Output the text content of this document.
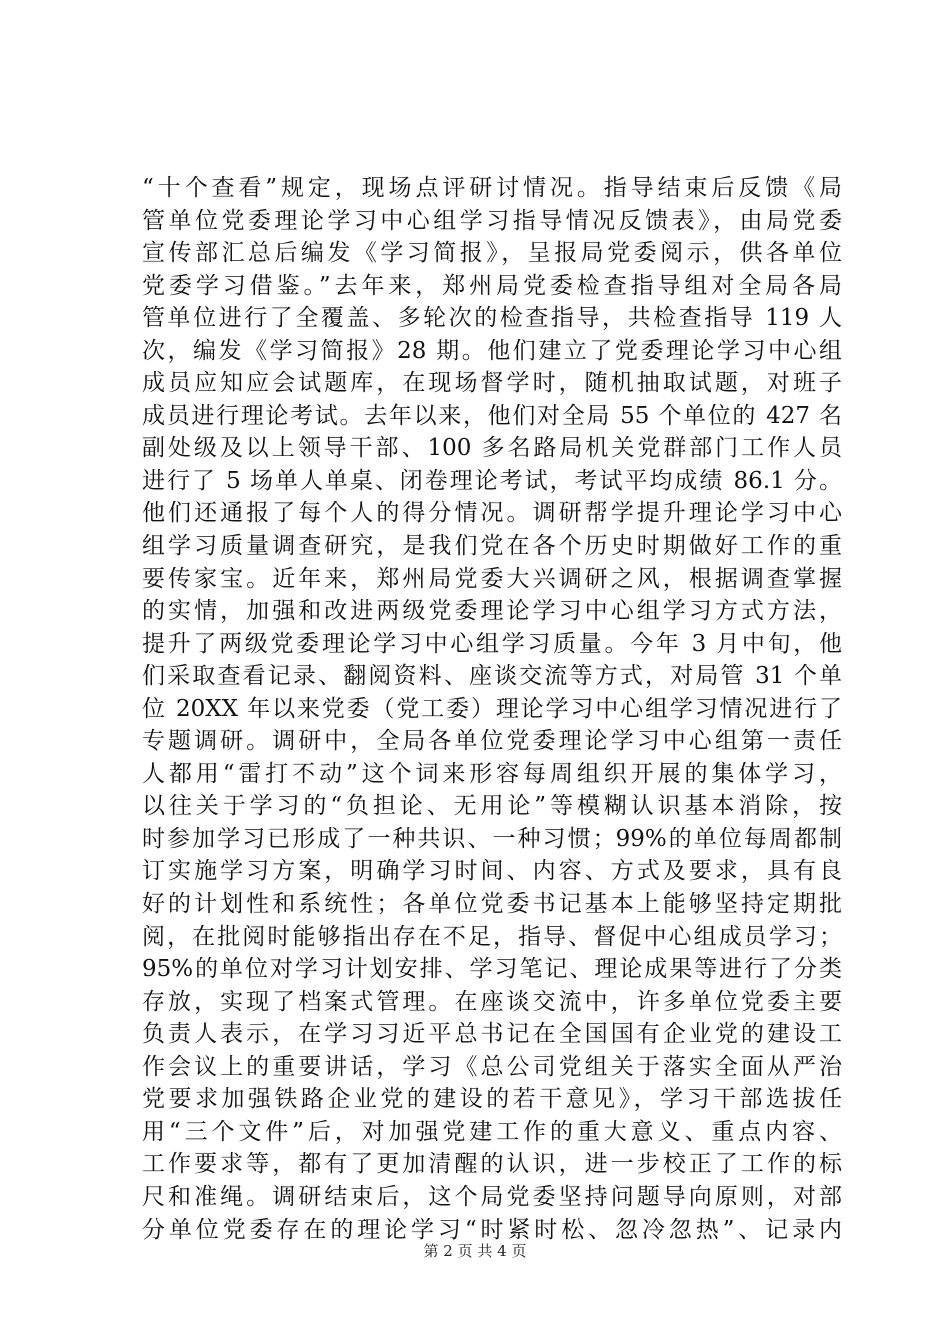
“十个查看”规定，现场点评研讨情况。指导结束后反馈《局
管单位党委理论学习中心组学习指导情况反馈表》，由局党委
宣传部汇总后编发《学习简报》，呈报局党委阅示，供各单位
党委学习借鉴。”去年来，郑州局党委检查指导组对全局各局
管单位进行了全覆盖、多轮次的检查指导，共检查指导 119 人
次，编发《学习简报》28 期。他们建立了党委理论学习中心组
成员应知应会试题库，在现场督学时，随机抽取试题，对班子
成员进行理论考试。去年以来，他们对全局 55 个单位的 427 名
副处级及以上领导干部、100 多名路局机关党群部门工作人员
进行了 5 场单人单桌、闭卷理论考试，考试平均成绩 86.1 分。
他们还通报了每个人的得分情况。调研帮学提升理论学习中心
组学习质量调查研究，是我们党在各个历史时期做好工作的重
要传家宝。近年来，郑州局党委大兴调研之风，根据调查掌握
的实情，加强和改进两级党委理论学习中心组学习方式方法，
提升了两级党委理论学习中心组学习质量。今年 3 月中旬，他
们采取查看记录、翻阅资料、座谈交流等方式，对局管 31 个单
位 20XX 年以来党委（党工委）理论学习中心组学习情况进行了
专题调研。调研中，全局各单位党委理论学习中心组第一责任
人都用“雷打不动”这个词来形容每周组织开展的集体学习，
以往关于学习的“负担论、无用论”等模糊认识基本消除，按
时参加学习已形成了一种共识、一种习惯；99%的单位每周都制
订实施学习方案，明确学习时间、内容、方式及要求，具有良
好的计划性和系统性；各单位党委书记基本上能够坚持定期批
阅，在批阅时能够指出存在不足，指导、督促中心组成员学习；
95%的单位对学习计划安排、学习笔记、理论成果等进行了分类
存放，实现了档案式管理。在座谈交流中，许多单位党委主要
负责人表示，在学习习近平总书记在全国国有企业党的建设工
作会议上的重要讲话，学习《总公司党组关于落实全面从严治
党要求加强铁路企业党的建设的若干意见》，学习干部选拔任
用“三个文件”后，对加强党建工作的重大意义、重点内容、
工作要求等，都有了更加清醒的认识，进一步校正了工作的标
尺和准绳。调研结束后，这个局党委坚持问题导向原则，对部
分单位党委存在的理论学习“时紧时松、忽冷忽热”、记录内
第 2 页 共 4 页
